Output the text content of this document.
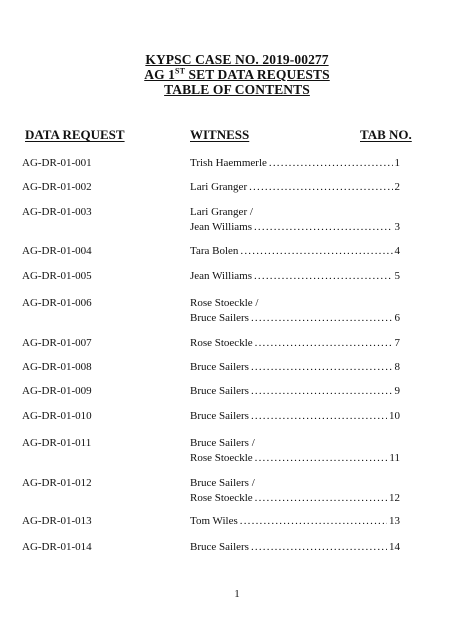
KYPSC CASE NO. 2019-00277
AG 1ST SET DATA REQUESTS
TABLE OF CONTENTS
DATA REQUEST	WITNESS	TAB NO.
AG-DR-01-001	Trish Haemmerle .....	1
AG-DR-01-002	Lari Granger .....	2
AG-DR-01-003	Lari Granger /
Jean Williams .....	3
AG-DR-01-004	Tara Bolen .....	4
AG-DR-01-005	Jean Williams .....	5
AG-DR-01-006	Rose Stoeckle /
Bruce Sailers .....	6
AG-DR-01-007	Rose Stoeckle .....	7
AG-DR-01-008	Bruce Sailers .....	8
AG-DR-01-009	Bruce Sailers .....	9
AG-DR-01-010	Bruce Sailers .....	10
AG-DR-01-011	Bruce Sailers /
Rose Stoeckle .....	11
AG-DR-01-012	Bruce Sailers /
Rose Stoeckle .....	12
AG-DR-01-013	Tom Wiles .....	13
AG-DR-01-014	Bruce Sailers .....	14
1
